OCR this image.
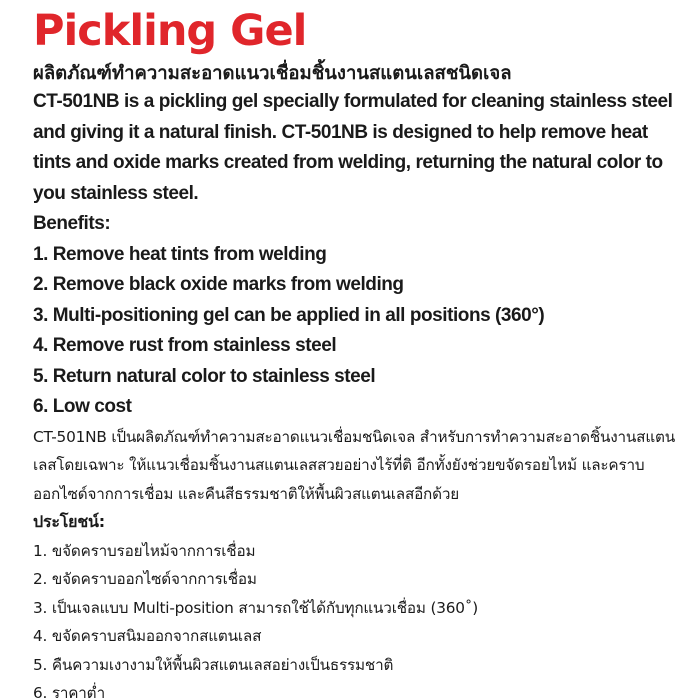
Pickling Gel
ผลิตภัณฑ์ทำความสะอาดแนวเชื่อมชิ้นงานสแตนเลสชนิดเจล

CT-501NB is a pickling gel specially formulated for cleaning stainless steel and giving it a natural finish. CT-501NB is designed to help remove heat tints and oxide marks created from welding, returning the natural color to you stainless steel.

Benefits:
1. Remove heat tints from welding
2. Remove black oxide marks from welding
3. Multi-positioning gel can be applied in all positions (360°)
4. Remove rust from stainless steel
5. Return natural color to stainless steel
6. Low cost

CT-501NB เป็นผลิตภัณฑ์ทำความสะอาดแนวเชื่อมชนิดเจล สำหรับการทำความสะอาดชิ้นงานสแตนเลสโดยเฉพาะ ให้แนวเชื่อมชิ้นงานสแตนเลสสวยอย่างไร้ที่ติ อีกทั้งยังช่วยขจัดรอยไหม้ และคราบออกไซด์จากการเชื่อม และคืนสีธรรมชาติให้พื้นผิวสแตนเลสอีกด้วย

ประโยชน์:
1. ขจัดคราบรอยไหม้จากการเชื่อม
2. ขจัดคราบออกไซด์จากการเชื่อม
3. เป็นเจลแบบ Multi-position สามารถใช้ได้กับทุกแนวเชื่อม (360˚)
4. ขจัดคราบสนิมออกจากสแตนเลส
5. คืนความเงางามให้พื้นผิวสแตนเลสอย่างเป็นธรรมชาติ
6. ราคาต่ำ
